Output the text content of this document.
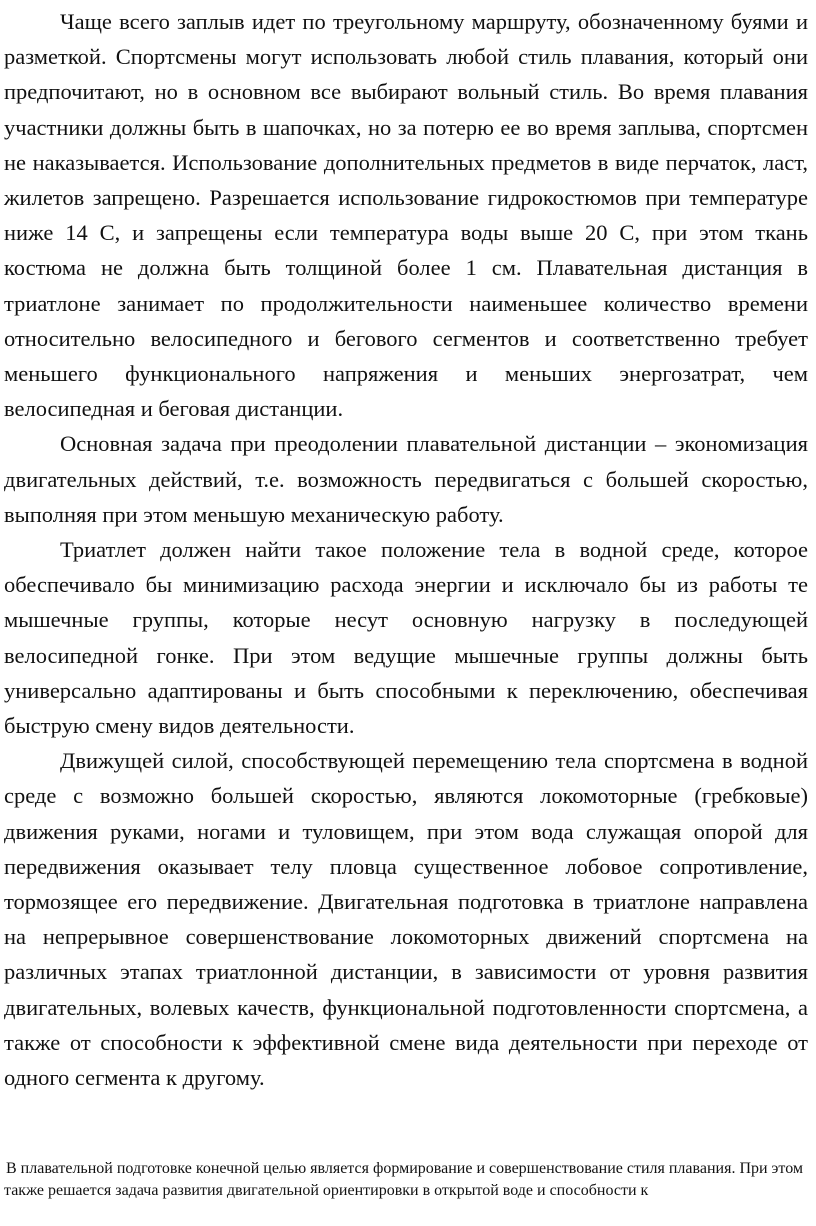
Чаще всего заплыв идет по треугольному маршруту, обозначенному буями и разметкой. Спортсмены могут использовать любой стиль плавания, который они предпочитают, но в основном все выбирают вольный стиль. Во время плавания участники должны быть в шапочках, но за потерю ее во время заплыва, спортсмен не наказывается. Использование дополнительных предметов в виде перчаток, ласт, жилетов запрещено. Разрешается использование гидрокостюмов при температуре ниже 14 С, и запрещены если температура воды выше 20 С, при этом ткань костюма не должна быть толщиной более 1 см. Плавательная дистанция в триатлоне занимает по продолжительности наименьшее количество времени относительно велосипедного и бегового сегментов и соответственно требует меньшего функционального напряжения и меньших энергозатрат, чем велосипедная и беговая дистанции.

Основная задача при преодолении плавательной дистанции – экономизация двигательных действий, т.е. возможность передвигаться с большей скоростью, выполняя при этом меньшую механическую работу.

Триатлет должен найти такое положение тела в водной среде, которое обеспечивало бы минимизацию расхода энергии и исключало бы из работы те мышечные группы, которые несут основную нагрузку в последующей велосипедной гонке. При этом ведущие мышечные группы должны быть универсально адаптированы и быть способными к переключению, обеспечивая быструю смену видов деятельности.

Движущей силой, способствующей перемещению тела спортсмена в водной среде с возможно большей скоростью, являются локомоторные (гребковые) движения руками, ногами и туловищем, при этом вода служащая опорой для передвижения оказывает телу пловца существенное лобовое сопротивление, тормозящее его передвижение. Двигательная подготовка в триатлоне направлена на непрерывное совершенствование локомоторных движений спортсмена на различных этапах триатлонной дистанции, в зависимости от уровня развития двигательных, волевых качеств, функциональной подготовленности спортсмена, а также от способности к эффективной смене вида деятельности при переходе от одного сегмента к другому.

В плавательной подготовке конечной целью является формирование и совершенствование стиля плавания. При этом также решается задача развития двигательной ориентировки в открытой воде и способности к
